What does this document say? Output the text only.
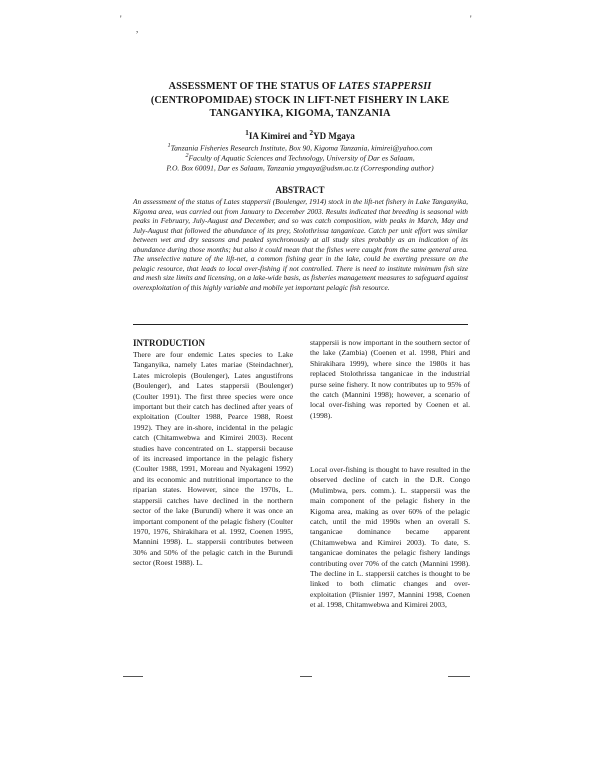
'
,
'
ASSESSMENT OF THE STATUS OF LATES STAPPERSII
(CENTROPOMIDAE) STOCK IN LIFT-NET FISHERY IN LAKE
TANGANYIKA, KIGOMA, TANZANIA
$^1$IA Kimirei and $^2$YD Mgaya
$^1$Tanzania Fisheries Research Institute, Box 90, Kigoma Tanzania, kimirei@yahoo.com
$^2$Faculty of Aquatic Sciences and Technology, University of Dar es Salaam,
P.O. Box 60091, Dar es Salaam, Tanzania ymgaya@udsm.ac.tz (Corresponding author)
ABSTRACT
An assessment of the status of Lates stappersii (Boulenger, 1914) stock in the lift-net fishery in Lake Tanganyika, Kigoma area, was carried out from January to December 2003. Results indicated that breeding is seasonal with peaks in February, July-August and December, and so was catch composition, with peaks in March, May and July-August that followed the abundance of its prey, Stolothrissa tanganicae. Catch per unit effort was similar between wet and dry seasons and peaked synchronously at all study sites probably as an indication of its abundance during those months; but also it could mean that the fishes were caught from the same general area. The unselective nature of the lift-net, a common fishing gear in the lake, could be exerting pressure on the pelagic resource, that leads to local over-fishing if not controlled. There is need to institute minimum fish size and mesh size limits and licensing, on a lake-wide basis, as fisheries management measures to safeguard against overexploitation of this highly variable and mobile yet important pelagic fish resource.
INTRODUCTION
There are four endemic Lates species to Lake Tanganyika, namely Lates mariae (Steindachner), Lates microlepis (Boulenger), Lates angustifrons (Boulenger), and Lates stappersii (Boulenger) (Coulter 1991). The first three species were once important but their catch has declined after years of exploitation (Coulter 1988, Pearce 1988, Roest 1992). They are in-shore, incidental in the pelagic catch (Chitamwebwa and Kimirei 2003). Recent studies have concentrated on L. stappersii because of its increased importance in the pelagic fishery (Coulter 1988, 1991, Moreau and Nyakageni 1992) and its economic and nutritional importance to the riparian states. However, since the 1970s, L. stappersii catches have declined in the northern sector of the lake (Burundi) where it was once an important component of the pelagic fishery (Coulter 1970, 1976, Shirakihara et al. 1992, Coenen 1995, Mannini 1998). L. stappersii contributes between 30% and 50% of the pelagic catch in the Burundi sector (Roest 1988). L.
stappersii is now important in the southern sector of the lake (Zambia) (Coenen et al. 1998, Phiri and Shirakihara 1999), where since the 1980s it has replaced Stolothrissa tanganicae in the industrial purse seine fishery. It now contributes up to 95% of the catch (Mannini 1998); however, a scenario of local over-fishing was reported by Coenen et al. (1998).
Local over-fishing is thought to have resulted in the observed decline of catch in the D.R. Congo (Mulimbwa, pers. comm.). L. stappersii was the main component of the pelagic fishery in the Kigoma area, making as over 60% of the pelagic catch, until the mid 1990s when an overall S. tanganicae dominance became apparent (Chitamwebwa and Kimirei 2003). To date, S. tanganicae dominates the pelagic fishery landings contributing over 70% of the catch (Mannini 1998). The decline in L. stappersii catches is thought to be linked to both climatic changes and over-exploitation (Plisnier 1997, Mannini 1998, Coenen et al. 1998, Chitamwebwa and Kimirei 2003,
